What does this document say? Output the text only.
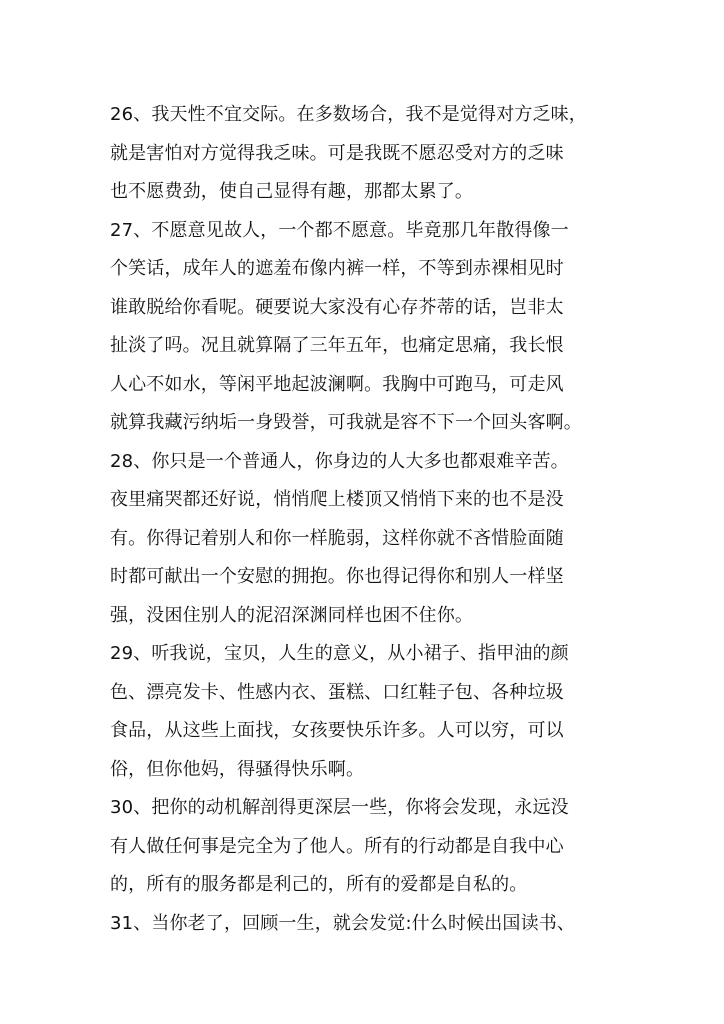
26、我天性不宜交际。在多数场合，我不是觉得对方乏味，
就是害怕对方觉得我乏味。可是我既不愿忍受对方的乏味
也不愿费劲，使自己显得有趣，那都太累了。
27、不愿意见故人，一个都不愿意。毕竟那几年散得像一
个笑话，成年人的遮羞布像内裤一样，不等到赤裸相见时
谁敢脱给你看呢。硬要说大家没有心存芥蒂的话，岂非太
扯淡了吗。况且就算隔了三年五年，也痛定思痛，我长恨
人心不如水，等闲平地起波澜啊。我胸中可跑马，可走风
就算我藏污纳垢一身毁誉，可我就是容不下一个回头客啊。
28、你只是一个普通人，你身边的人大多也都艰难辛苦。
夜里痛哭都还好说，悄悄爬上楼顶又悄悄下来的也不是没
有。你得记着别人和你一样脆弱，这样你就不吝惜脸面随
时都可献出一个安慰的拥抱。你也得记得你和别人一样坚
强，没困住别人的泥沼深渊同样也困不住你。
29、听我说，宝贝，人生的意义，从小裙子、指甲油的颜
色、漂亮发卡、性感内衣、蛋糕、口红鞋子包、各种垃圾
食品，从这些上面找，女孩要快乐许多。人可以穷，可以
俗，但你他妈，得骚得快乐啊。
30、把你的动机解剖得更深层一些，你将会发现，永远没
有人做任何事是完全为了他人。所有的行动都是自我中心
的，所有的服务都是利己的，所有的爱都是自私的。
31、当你老了，回顾一生，就会发觉:什么时候出国读书、
